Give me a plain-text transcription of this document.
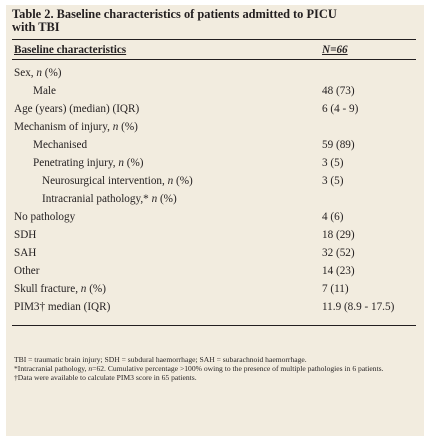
Table 2. Baseline characteristics of patients admitted to PICU
with TBI
Baseline characteristics	N=66
Sex, n (%)
Male	48 (73)
Age (years) (median) (IQR)	6 (4 - 9)
Mechanism of injury, n (%)
Mechanised	59 (89)
Penetrating injury, n (%)	3 (5)
Neurosurgical intervention, n (%)	3 (5)
Intracranial pathology,* n (%)
No pathology	4 (6)
SDH	18 (29)
SAH	32 (52)
Other	14 (23)
Skull fracture, n (%)	7 (11)
PIM3† median (IQR)	11.9 (8.9 - 17.5)

TBI = traumatic brain injury; SDH = subdural haemorrhage; SAH = subarachnoid haemorrhage.

*Intracranial pathology, n=62. Cumulative percentage >100% owing to the presence of multiple pathologies in 6 patients.

†Data were available to calculate PIM3 score in 65 patients.
